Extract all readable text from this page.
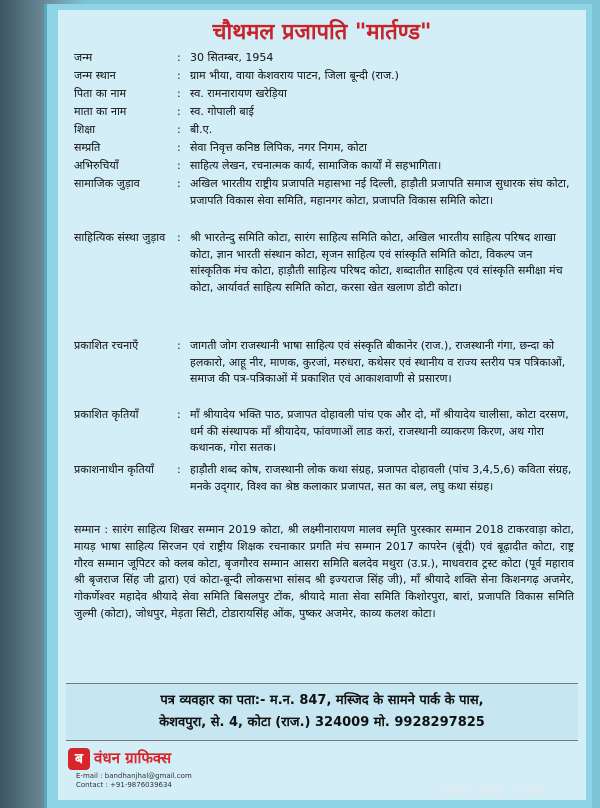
चौथमल प्रजापति "मार्तण्ड"
जन्म	: 30 सितम्बर, 1954
जन्म स्थान	: ग्राम भीया, वाया केशवराय पाटन, जिला बून्दी (राज.)
पिता का नाम	: स्व. रामनारायण खरेड़िया
माता का नाम	: स्व. गोपाली बाई
शिक्षा	: बी.ए.
सम्प्रति	: सेवा निवृत्त कनिष्ठ लिपिक, नगर निगम, कोटा
अभिरुचियाँ	: साहित्य लेखन, रचनात्मक कार्य, सामाजिक कार्यों में सहभागिता।
सामाजिक जुड़ाव	: अखिल भारतीय राष्ट्रीय प्रजापति महासभा नई दिल्ली, हाड़ौती प्रजापति समाज सुधारक संघ कोटा, प्रजापति विकास सेवा समिति, महानगर कोटा, प्रजापति विकास समिति कोटा।
साहित्यिक संस्था जुड़ाव	: श्री भारतेन्दु समिति कोटा, सारंग साहित्य समिति कोटा, अखिल भारतीय साहित्य परिषद शाखा कोटा, ज्ञान भारती संस्थान कोटा, सृजन साहित्य एवं सांस्कृति समिति कोटा, विकल्प जन सांस्कृतिक मंच कोटा, हाड़ौती साहित्य परिषद कोटा, शब्दातीत साहित्य एवं सांस्कृति समीक्षा मंच कोटा, आर्यावर्त साहित्य समिति कोटा, करसा खेत खलाण डोटी कोटा।
प्रकाशित रचनाएँ	: जागती जोग राजस्थानी भाषा साहित्य एवं संस्कृति बीकानेर (राज.), राजस्थानी गंगा, छन्दा को हलकारो, आहू नीर, माणक, कुरजां, मरुधरा, कथेसर एवं स्थानीय व राज्य स्तरीय पत्र पत्रिकाओं, समाज की पत्र-पत्रिकाओं में प्रकाशित एवं आकाशवाणी से प्रसारण।
प्रकाशित कृतियाँ	: माँ श्रीयादेय भक्ति पाठ, प्रजापत दोहावली पांच एक और दो, माँ श्रीयादेय चालीसा, कोटा दरसण, धर्म की संस्थापक माँ श्रीयादेय, फांवणाओं लाड करां, राजस्थानी व्याकरण किरण, अथ गोरा कथानक, गोरा सतक।
प्रकाशनाधीन कृतियाँ	: हाड़ौती शब्द कोष, राजस्थानी लोक कथा संग्रह, प्रजापत दोहावली (पांच 3,4,5,6) कविता संग्रह, मनके उद्‌गार, विश्व का श्रेष्ठ कलाकार प्रजापत, सत का बल, लघु कथा संग्रह।
सम्मान : सारंग साहित्य शिखर सम्मान 2019 कोटा, श्री लक्ष्मीनारायण मालव स्मृति पुरस्कार सम्मान 2018 टाकरवाड़ा कोटा, मायड़ भाषा साहित्य सिरजन एवं राष्ट्रीय शिक्षक रचनाकार प्रगति मंच सम्मान 2017 कापरेन (बूंदी) एवं बूढ़ादीत कोटा, राष्ट्र गौरव सम्मान जूपिटर को क्लब कोटा, बृजगौरव सम्मान आसरा समिति बलदेव मथुरा (उ.प्र.), माधवराव ट्रस्ट कोटा (पूर्व महाराव श्री बृजराज सिंह जी द्वारा) एवं कोटा-बून्दी लोकसभा सांसद श्री इज्यराज सिंह जी), माँ श्रीयादे शक्ति सेना किशनगढ़ अजमेर, गोकर्णेश्वर महादेव श्रीयादे सेवा समिति बिसलपुर टोंक, श्रीयादे माता सेवा समिति किशोरपुरा, बारां, प्रजापति विकास समिति जुल्मी (कोटा), जोधपुर, मेड़ता सिटी, टोडारायसिंह ओंक, पुष्कर अजमेर, काव्य कलश कोटा।
पत्र व्यवहार का पता:- म.न. 847, मस्जिद के सामने पार्क के पास,
केशवपुरा, से. 4, कोटा (राज.) 324009 मो. 9928297825
ब वंधन ग्राफिक्स
E-mail : bandhanjhal@gmail.com
Contact : +91-9876039634	28/11/2025 12:09
